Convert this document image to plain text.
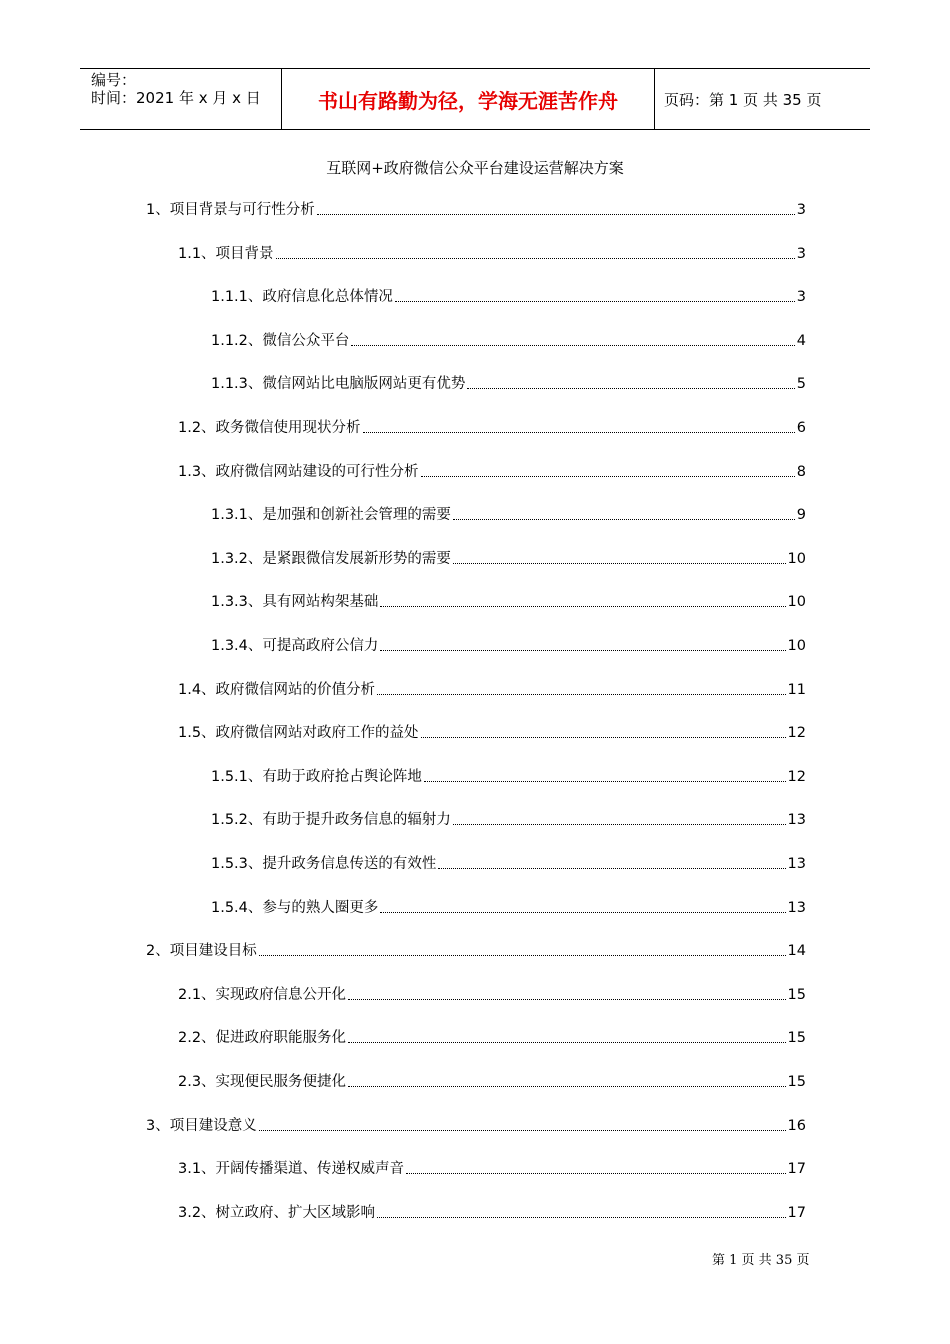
编号：
时间：2021 年 x 月 x 日	书山有路勤为径，学海无涯苦作舟	页码：第 1 页 共 35 页
互联网+政府微信公众平台建设运营解决方案
1、项目背景与可行性分析	3
1.1、项目背景	3
1.1.1、政府信息化总体情况	3
1.1.2、微信公众平台	4
1.1.3、微信网站比电脑版网站更有优势	5
1.2、政务微信使用现状分析	6
1.3、政府微信网站建设的可行性分析	8
1.3.1、是加强和创新社会管理的需要	9
1.3.2、是紧跟微信发展新形势的需要	10
1.3.3、具有网站构架基础	10
1.3.4、可提高政府公信力	10
1.4、政府微信网站的价值分析	11
1.5、政府微信网站对政府工作的益处	12
1.5.1、有助于政府抢占舆论阵地	12
1.5.2、有助于提升政务信息的辐射力	13
1.5.3、提升政务信息传送的有效性	13
1.5.4、参与的熟人圈更多	13
2、项目建设目标	14
2.1、实现政府信息公开化	15
2.2、促进政府职能服务化	15
2.3、实现便民服务便捷化	15
3、项目建设意义	16
3.1、开阔传播渠道、传递权威声音	17
3.2、树立政府、扩大区域影响	17
第 1 页 共 35 页
